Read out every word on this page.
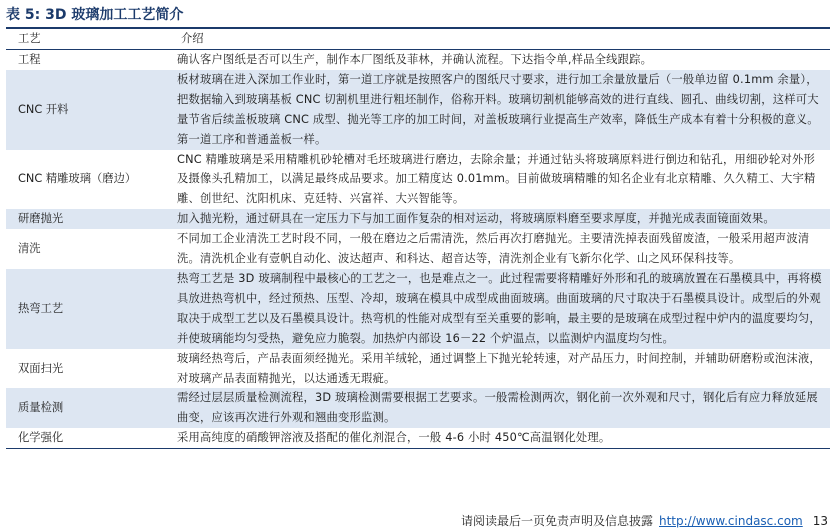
表 5: 3D 玻璃加工工艺简介
工艺	介绍
工程	确认客户图纸是否可以生产，制作本厂图纸及菲林，并确认流程。下达指令单,样品全线跟踪。
CNC 开料	板材玻璃在进入深加工作业时，第一道工序就是按照客户的图纸尺寸要求，进行加工余量放量后（一般单边留 0.1mm 余量），把数据输入到玻璃基板 CNC 切割机里进行粗坯制作，俗称开料。玻璃切割机能够高效的进行直线、圆孔、曲线切割，这样可大量节省后续盖板玻璃 CNC 成型、抛光等工序的加工时间，对盖板玻璃行业提高生产效率，降低生产成本有着十分积极的意义。第一道工序和普通盖板一样。
CNC 精雕玻璃（磨边）	CNC 精雕玻璃是采用精雕机砂轮槽对毛坯玻璃进行磨边，去除余量；并通过钻头将玻璃原料进行倒边和钻孔，用细砂轮对外形及摄像头孔精加工，以满足最终成品要求。加工精度达 0.01mm。目前做玻璃精雕的知名企业有北京精雕、久久精工、大宇精雕、创世纪、沈阳机床、克廷特、兴富祥、大兴智能等。
研磨抛光	加入抛光粉，通过研具在一定压力下与加工面作复杂的相对运动，将玻璃原料磨至要求厚度，并抛光成表面镜面效果。
清洗	不同加工企业清洗工艺时段不同，一般在磨边之后需清洗，然后再次打磨抛光。主要清洗掉表面残留废渣，一般采用超声波清洗。清洗机企业有壹帆自动化、波达超声、和科达、超音达等，清洗剂企业有飞新尔化学、山之风环保科技等。
热弯工艺	热弯工艺是 3D 玻璃制程中最核心的工艺之一，也是难点之一。此过程需要将精雕好外形和孔的玻璃放置在石墨模具中，再将模具放进热弯机中，经过预热、压型、冷却，玻璃在模具中成型成曲面玻璃。曲面玻璃的尺寸取决于石墨模具设计。成型后的外观取决于成型工艺以及石墨模具设计。热弯机的性能对成型有至关重要的影响，最主要的是玻璃在成型过程中炉内的温度要均匀，并使玻璃能均匀受热，避免应力脆裂。加热炉内部设 16－22 个炉温点，以监测炉内温度均匀性。
双面扫光	玻璃经热弯后，产品表面须经抛光。采用羊绒轮，通过调整上下抛光轮转速，对产品压力，时间控制，并辅助研磨粉或泡沫液，对玻璃产品表面精抛光，以达通透无瑕疵。
质量检测	需经过层层质量检测流程，3D 玻璃检测需要根据工艺要求。一般需检测两次，钢化前一次外观和尺寸，钢化后有应力释放延展曲变，应该再次进行外观和翘曲变形监测。
化学强化	采用高纯度的硝酸钾溶液及搭配的催化剂混合，一般 4-6 小时 450℃高温钢化处理。
请阅读最后一页免责声明及信息披露 http://www.cindasc.com 13
